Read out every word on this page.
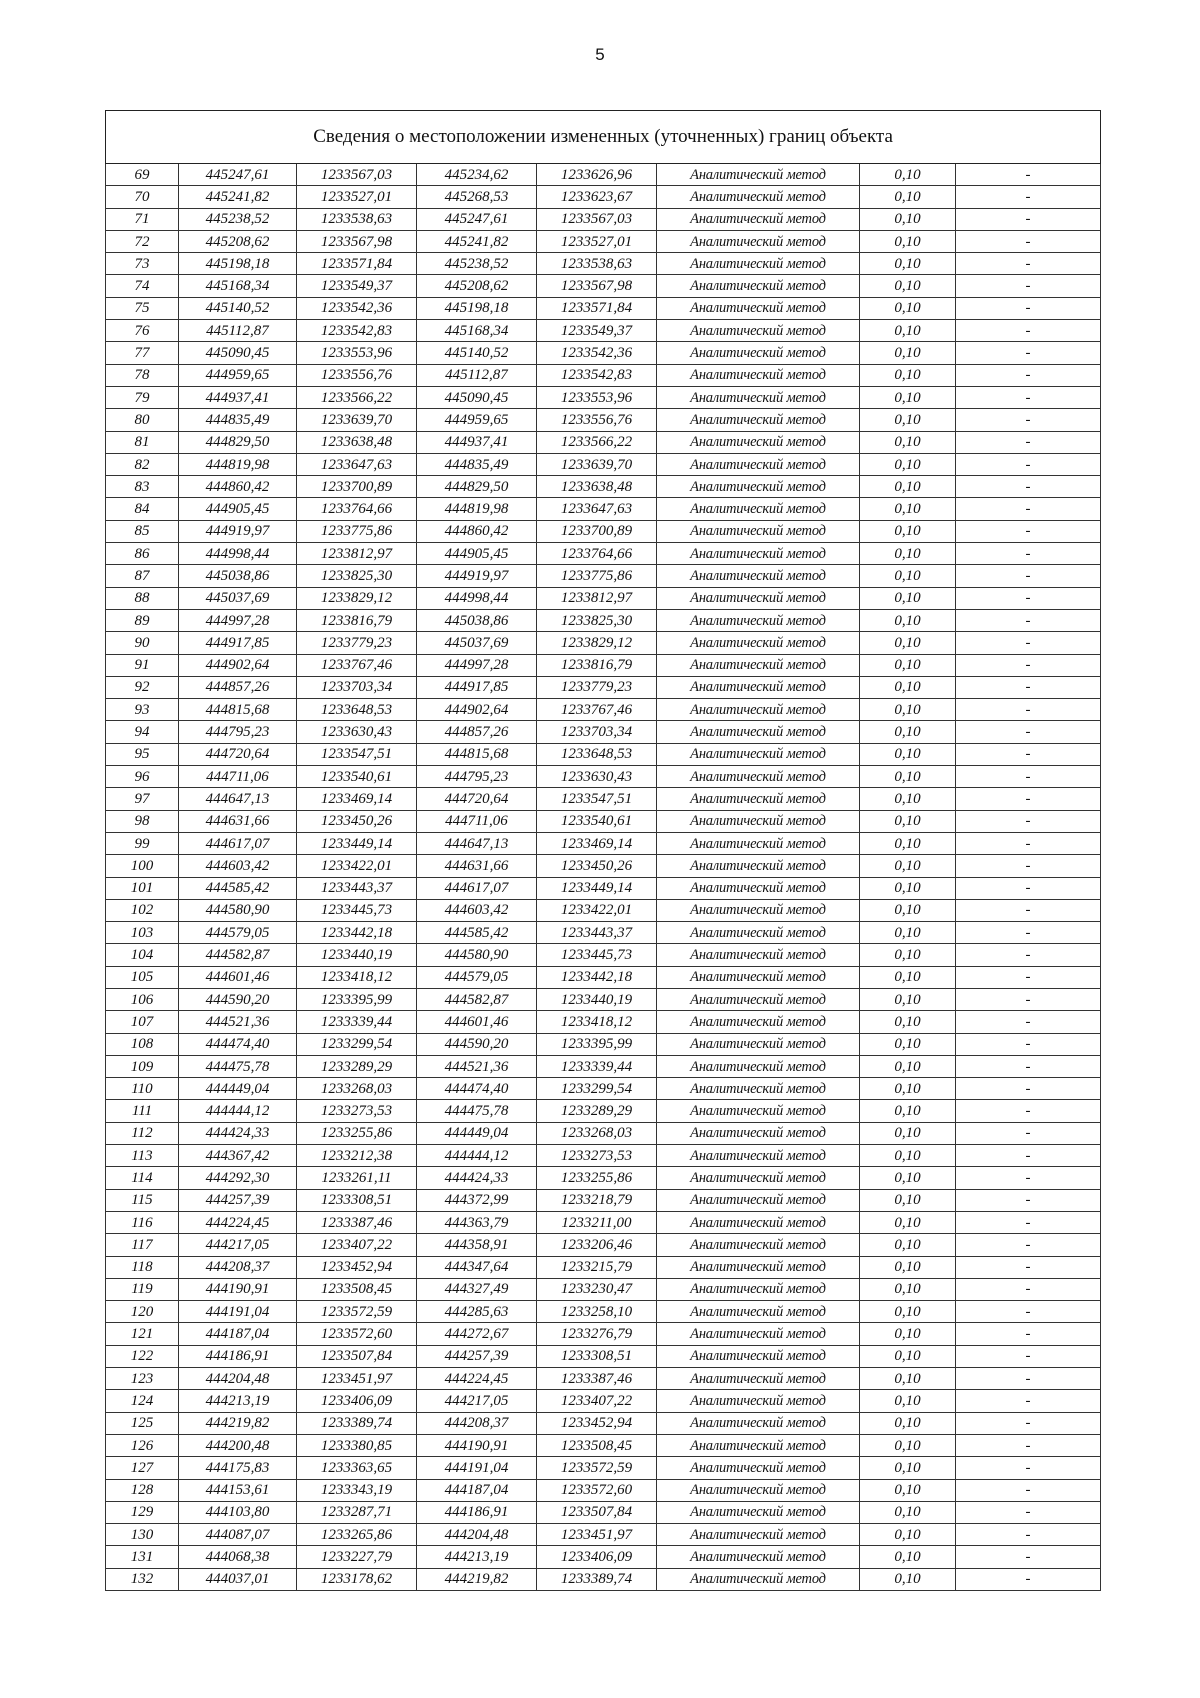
5
Сведения о местоположении измененных (уточненных) границ объекта							
69	445247,61	1233567,03	445234,62	1233626,96	Аналитический метод	0,10	-
70	445241,82	1233527,01	445268,53	1233623,67	Аналитический метод	0,10	-
71	445238,52	1233538,63	445247,61	1233567,03	Аналитический метод	0,10	-
72	445208,62	1233567,98	445241,82	1233527,01	Аналитический метод	0,10	-
73	445198,18	1233571,84	445238,52	1233538,63	Аналитический метод	0,10	-
74	445168,34	1233549,37	445208,62	1233567,98	Аналитический метод	0,10	-
75	445140,52	1233542,36	445198,18	1233571,84	Аналитический метод	0,10	-
76	445112,87	1233542,83	445168,34	1233549,37	Аналитический метод	0,10	-
77	445090,45	1233553,96	445140,52	1233542,36	Аналитический метод	0,10	-
78	444959,65	1233556,76	445112,87	1233542,83	Аналитический метод	0,10	-
79	444937,41	1233566,22	445090,45	1233553,96	Аналитический метод	0,10	-
80	444835,49	1233639,70	444959,65	1233556,76	Аналитический метод	0,10	-
81	444829,50	1233638,48	444937,41	1233566,22	Аналитический метод	0,10	-
82	444819,98	1233647,63	444835,49	1233639,70	Аналитический метод	0,10	-
83	444860,42	1233700,89	444829,50	1233638,48	Аналитический метод	0,10	-
84	444905,45	1233764,66	444819,98	1233647,63	Аналитический метод	0,10	-
85	444919,97	1233775,86	444860,42	1233700,89	Аналитический метод	0,10	-
86	444998,44	1233812,97	444905,45	1233764,66	Аналитический метод	0,10	-
87	445038,86	1233825,30	444919,97	1233775,86	Аналитический метод	0,10	-
88	445037,69	1233829,12	444998,44	1233812,97	Аналитический метод	0,10	-
89	444997,28	1233816,79	445038,86	1233825,30	Аналитический метод	0,10	-
90	444917,85	1233779,23	445037,69	1233829,12	Аналитический метод	0,10	-
91	444902,64	1233767,46	444997,28	1233816,79	Аналитический метод	0,10	-
92	444857,26	1233703,34	444917,85	1233779,23	Аналитический метод	0,10	-
93	444815,68	1233648,53	444902,64	1233767,46	Аналитический метод	0,10	-
94	444795,23	1233630,43	444857,26	1233703,34	Аналитический метод	0,10	-
95	444720,64	1233547,51	444815,68	1233648,53	Аналитический метод	0,10	-
96	444711,06	1233540,61	444795,23	1233630,43	Аналитический метод	0,10	-
97	444647,13	1233469,14	444720,64	1233547,51	Аналитический метод	0,10	-
98	444631,66	1233450,26	444711,06	1233540,61	Аналитический метод	0,10	-
99	444617,07	1233449,14	444647,13	1233469,14	Аналитический метод	0,10	-
100	444603,42	1233422,01	444631,66	1233450,26	Аналитический метод	0,10	-
101	444585,42	1233443,37	444617,07	1233449,14	Аналитический метод	0,10	-
102	444580,90	1233445,73	444603,42	1233422,01	Аналитический метод	0,10	-
103	444579,05	1233442,18	444585,42	1233443,37	Аналитический метод	0,10	-
104	444582,87	1233440,19	444580,90	1233445,73	Аналитический метод	0,10	-
105	444601,46	1233418,12	444579,05	1233442,18	Аналитический метод	0,10	-
106	444590,20	1233395,99	444582,87	1233440,19	Аналитический метод	0,10	-
107	444521,36	1233339,44	444601,46	1233418,12	Аналитический метод	0,10	-
108	444474,40	1233299,54	444590,20	1233395,99	Аналитический метод	0,10	-
109	444475,78	1233289,29	444521,36	1233339,44	Аналитический метод	0,10	-
110	444449,04	1233268,03	444474,40	1233299,54	Аналитический метод	0,10	-
111	444444,12	1233273,53	444475,78	1233289,29	Аналитический метод	0,10	-
112	444424,33	1233255,86	444449,04	1233268,03	Аналитический метод	0,10	-
113	444367,42	1233212,38	444444,12	1233273,53	Аналитический метод	0,10	-
114	444292,30	1233261,11	444424,33	1233255,86	Аналитический метод	0,10	-
115	444257,39	1233308,51	444372,99	1233218,79	Аналитический метод	0,10	-
116	444224,45	1233387,46	444363,79	1233211,00	Аналитический метод	0,10	-
117	444217,05	1233407,22	444358,91	1233206,46	Аналитический метод	0,10	-
118	444208,37	1233452,94	444347,64	1233215,79	Аналитический метод	0,10	-
119	444190,91	1233508,45	444327,49	1233230,47	Аналитический метод	0,10	-
120	444191,04	1233572,59	444285,63	1233258,10	Аналитический метод	0,10	-
121	444187,04	1233572,60	444272,67	1233276,79	Аналитический метод	0,10	-
122	444186,91	1233507,84	444257,39	1233308,51	Аналитический метод	0,10	-
123	444204,48	1233451,97	444224,45	1233387,46	Аналитический метод	0,10	-
124	444213,19	1233406,09	444217,05	1233407,22	Аналитический метод	0,10	-
125	444219,82	1233389,74	444208,37	1233452,94	Аналитический метод	0,10	-
126	444200,48	1233380,85	444190,91	1233508,45	Аналитический метод	0,10	-
127	444175,83	1233363,65	444191,04	1233572,59	Аналитический метод	0,10	-
128	444153,61	1233343,19	444187,04	1233572,60	Аналитический метод	0,10	-
129	444103,80	1233287,71	444186,91	1233507,84	Аналитический метод	0,10	-
130	444087,07	1233265,86	444204,48	1233451,97	Аналитический метод	0,10	-
131	444068,38	1233227,79	444213,19	1233406,09	Аналитический метод	0,10	-
132	444037,01	1233178,62	444219,82	1233389,74	Аналитический метод	0,10	-
